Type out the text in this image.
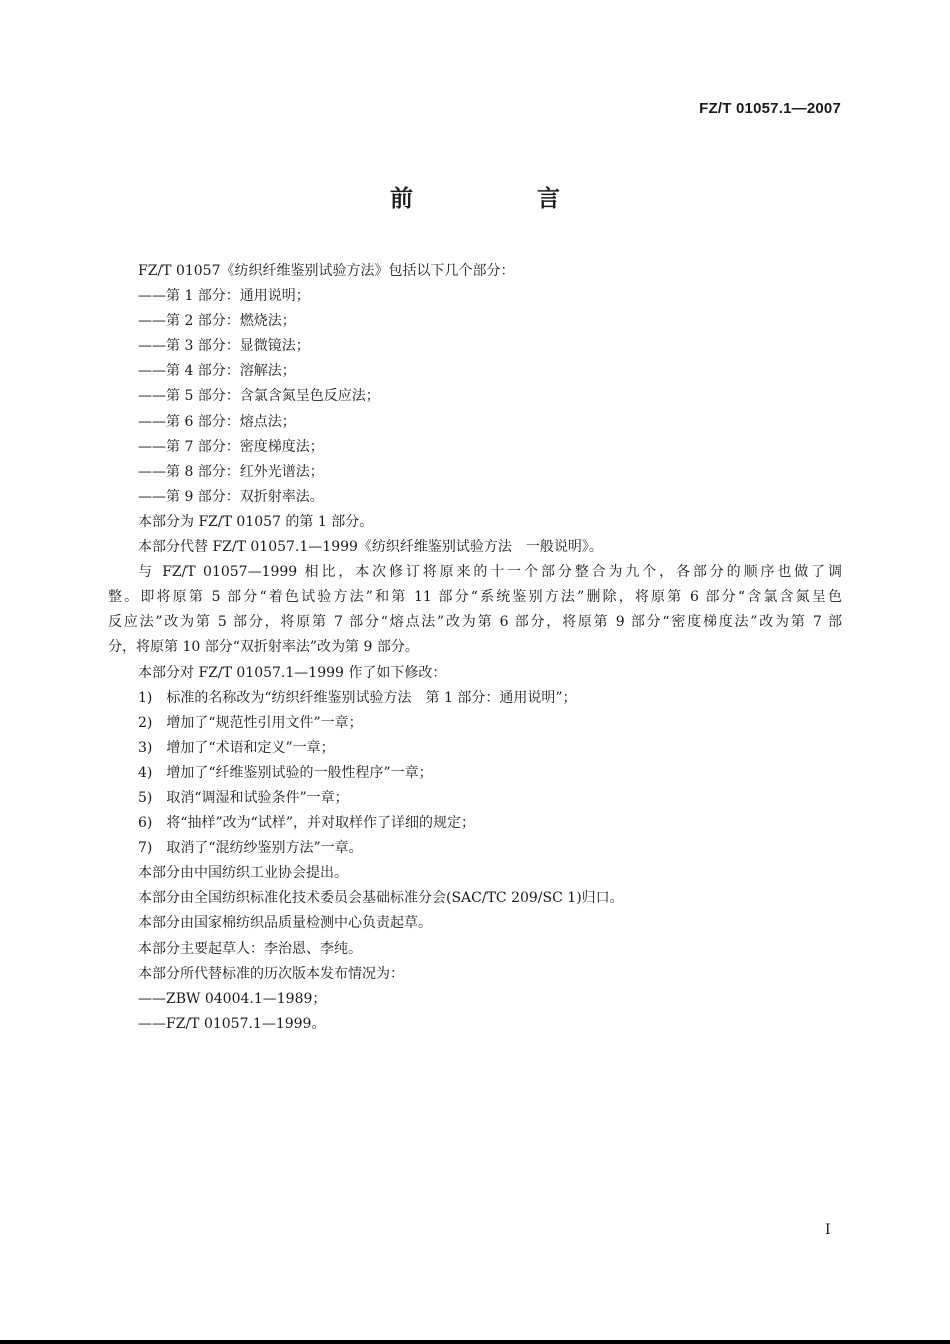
FZ/T 01057.1—2007
前 言
FZ/T 01057《纺织纤维鉴别试验方法》包括以下几个部分：
——第 1 部分：通用说明；
——第 2 部分：燃烧法；
——第 3 部分：显微镜法；
——第 4 部分：溶解法；
——第 5 部分：含氯含氮呈色反应法；
——第 6 部分：熔点法；
——第 7 部分：密度梯度法；
——第 8 部分：红外光谱法；
——第 9 部分：双折射率法。
本部分为 FZ/T 01057 的第 1 部分。
本部分代替 FZ/T 01057.1—1999《纺织纤维鉴别试验方法　一般说明》。
与 FZ/T 01057—1999 相比，本次修订将原来的十一个部分整合为九个，各部分的顺序也做了调
整。即将原第 5 部分“着色试验方法”和第 11 部分“系统鉴别方法”删除，将原第 6 部分“含氯含氮呈色
反应法”改为第 5 部分，将原第 7 部分“熔点法”改为第 6 部分，将原第 9 部分“密度梯度法”改为第 7 部
分，将原第 10 部分“双折射率法”改为第 9 部分。
本部分对 FZ/T 01057.1—1999 作了如下修改：
1)　标准的名称改为“纺织纤维鉴别试验方法　第 1 部分：通用说明”；
2)　增加了“规范性引用文件”一章；
3)　增加了“术语和定义”一章；
4)　增加了“纤维鉴别试验的一般性程序”一章；
5)　取消“调湿和试验条件”一章；
6)　将“抽样”改为“试样”，并对取样作了详细的规定；
7)　取消了“混纺纱鉴别方法”一章。
本部分由中国纺织工业协会提出。
本部分由全国纺织标准化技术委员会基础标准分会(SAC/TC 209/SC 1)归口。
本部分由国家棉纺织品质量检测中心负责起草。
本部分主要起草人：李治恩、李纯。
本部分所代替标准的历次版本发布情况为：
——ZBW 04004.1—1989；
——FZ/T 01057.1—1999。
I
